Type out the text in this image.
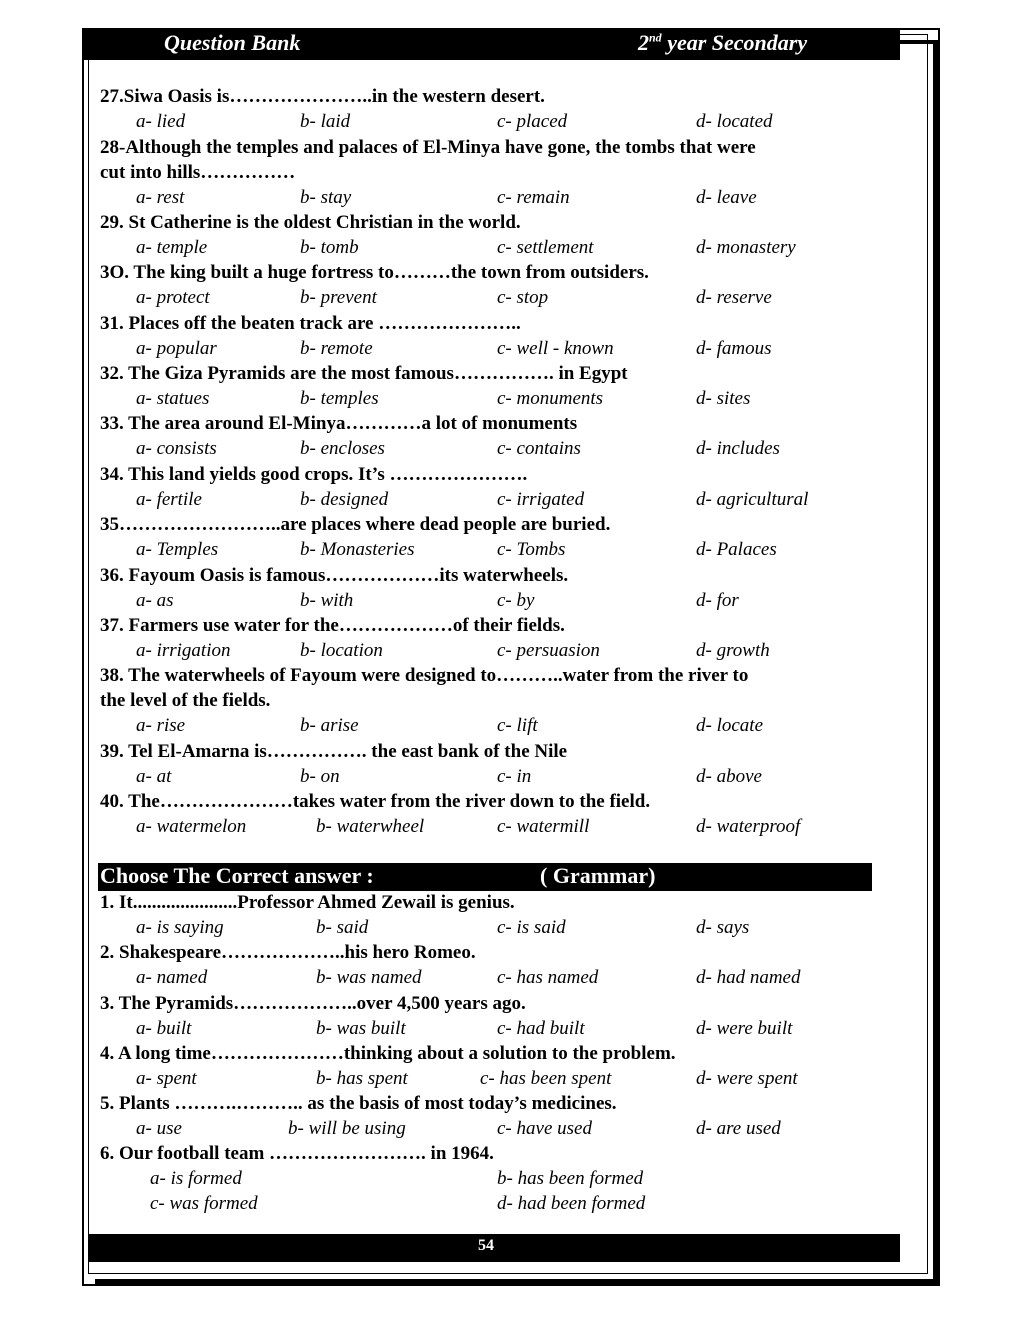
Question Bank	2nd year Secondary
27.Siwa Oasis is…………………..in the western desert.
a- lied	b- laid	c- placed	d- located
28-Although the temples and palaces of El-Minya have gone, the tombs that were
cut into hills……………
a- rest	b- stay	c- remain	d- leave
29. St Catherine is the oldest Christian in the world.
a- temple	b- tomb	c- settlement	d- monastery
3O. The king built a huge fortress to………the town from outsiders.
a- protect	b- prevent	c- stop	d- reserve
31. Places off the beaten track are …………………..
a- popular	b- remote	c- well - known	d- famous
32. The Giza Pyramids are the most famous……………. in Egypt
a- statues	b- temples	c- monuments	d- sites
33. The area around El-Minya…………a lot of monuments
a- consists	b- encloses	c- contains	d- includes
34. This land yields good crops. It’s ………………….
a- fertile	b- designed	c- irrigated	d- agricultural
35……………………..are places where dead people are buried.
a- Temples	b- Monasteries	c- Tombs	d- Palaces
36. Fayoum Oasis is famous………………its waterwheels.
a- as	b- with	c- by	d- for
37. Farmers use water for the………………of their fields.
a- irrigation	b- location	c- persuasion	d- growth
38. The waterwheels of Fayoum were designed to………..water from the river to
the level of the fields.
a- rise	b- arise	c- lift	d- locate
39. Tel El-Amarna is……………. the east bank of the Nile
a- at	b- on	c- in	d- above
40. The…………………takes water from the river down to the field.
a- watermelon	b- waterwheel	c- watermill	d- waterproof
Choose The Correct answer :	( Grammar)
1. It......................Professor Ahmed Zewail is genius.
a- is saying	b- said	c- is said	d- says
2. Shakespeare………………..his hero Romeo.
a- named	b- was named	c- has named	d- had named
3. The Pyramids………………..over 4,500 years ago.
a- built	b- was built	c- had built	d- were built
4. A long time…………………thinking about a solution to the problem.
a- spent	b- has spent	c- has been spent	d- were spent
5. Plants ……….……….. as the basis of most today’s medicines.
a- use	b- will be using	c- have used	d- are used
6. Our football team ……………………. in 1964.
a- is formed	b- has been formed
c- was formed	d- had been formed
54
